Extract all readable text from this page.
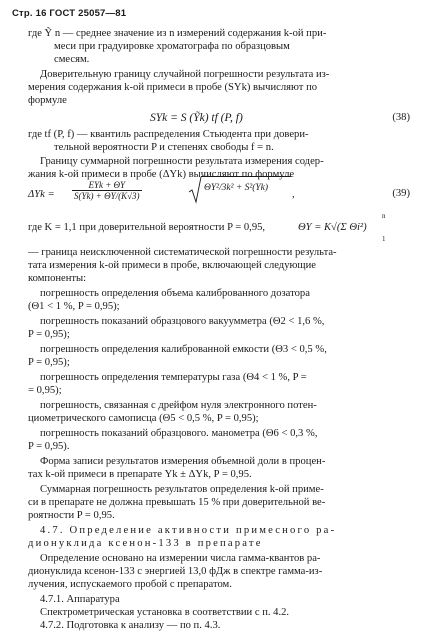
Стр. 16 ГОСТ 25057—81
где Ỹ n — среднее значение из n измерений содержания k-ой при-
меси при градуировке хроматографа по образцовым
смесям.
Доверительную границу случайной погрешности результата из-
мерения содержания k-ой примеси в пробе (SYk) вычисляют по
формуле
SYk = S (Ỹk) tf (P, f)	(38)
где tf (P, f) — квантиль распределения Стьюдента при довери-
тельной вероятности P и степенях свободы f = n.
Границу суммарной погрешности результата измерения содер-
жания k-ой примеси в пробе (ΔYk) вычисляют по формуле
$\Delta Yk = \frac{\text{EYk + ΘY}}{S(Yk) + \Theta Y/(K√3)}$	ΘY²/3k² + S²(Yk)
,	(39)
где K = 1,1 при доверительной вероятности P = 0,95,	ΘY = K√(Σ Θi²)
n
1
— граница неисключенной систематической погрешности результа-
тата измерения k-ой примеси в пробе, включающей следующие
компоненты:
погрешность определения объема калиброванного дозатора
(Θ1 < 1 %, P = 0,95);
погрешность показаний образцового вакуумметра (Θ2 < 1,6 %,
P = 0,95);
погрешность определения калиброванной емкости (Θ3 < 0,5 %,
P = 0,95);
погрешность определения температуры газа (Θ4 < 1 %, P =
= 0,95);
погрешность, связанная с дрейфом нуля электронного потен-
циометрического самописца (Θ5 < 0,5 %, P = 0,95);
погрешность показаний образцового. манометра (Θ6 < 0,3 %,
P = 0,95).
Форма записи результатов измерения объемной доли в процен-
тах k-ой примеси в препарате Yk ± ΔYk, P = 0,95.
Суммарная погрешность результатов определения k-ой приме-
си в препарате не должна превышать 15 % при доверительной ве-
роятности P = 0,95.
4.7. Определение активности примесного ра-
дионуклида ксенон-133 в препарате
Определение основано на измерении числа гамма-квантов ра-
дионуклида ксенон-133 с энергией 13,0 фДж в спектре гамма-из-
лучения, испускаемого пробой с препаратом.
4.7.1. Аппаратура
Спектрометрическая установка в соответствии с п. 4.2.
4.7.2. Подготовка к анализу — по п. 4.3.
